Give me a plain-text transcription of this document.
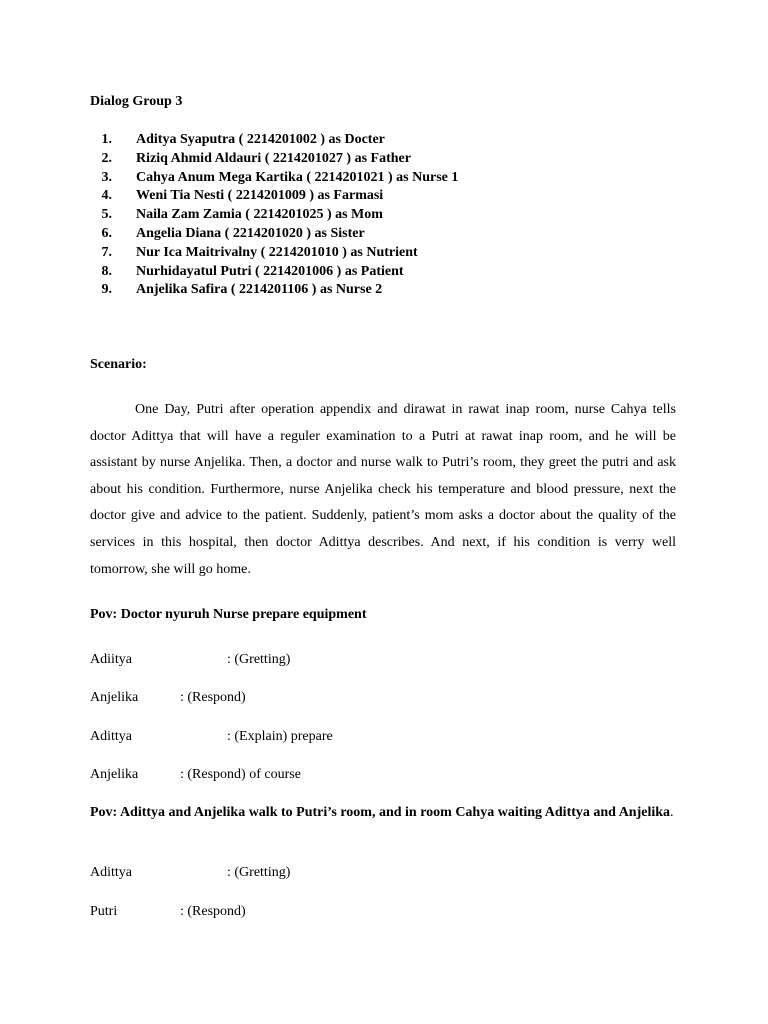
Dialog Group 3
1. Aditya Syaputra ( 2214201002 ) as Docter
2. Riziq Ahmid Aldauri ( 2214201027 ) as Father
3. Cahya Anum Mega Kartika ( 2214201021 ) as Nurse 1
4. Weni Tia Nesti ( 2214201009 ) as Farmasi
5. Naila Zam Zamia ( 2214201025 ) as Mom
6. Angelia Diana ( 2214201020 ) as Sister
7. Nur Ica Maitrivalny ( 2214201010 ) as Nutrient
8. Nurhidayatul Putri ( 2214201006 ) as Patient
9. Anjelika Safira ( 2214201106 ) as Nurse 2
Scenario:

One Day, Putri after operation appendix and dirawat in rawat inap room, nurse Cahya tells doctor Adittya that will have a reguler examination to a Putri at rawat inap room, and he will be assistant by nurse Anjelika. Then, a doctor and nurse walk to Putri’s room, they greet the putri and ask about his condition. Furthermore, nurse Anjelika check his temperature and blood pressure, next the doctor give and advice to the patient. Suddenly, patient’s mom asks a doctor about the quality of the services in this hospital, then doctor Adittya describes. And next, if his condition is verry well tomorrow, she will go home.

Pov: Doctor nyuruh Nurse prepare equipment

Adiitya	: (Gretting)
Anjelika	: (Respond)
Adittya	: (Explain) prepare
Anjelika	: (Respond) of course

Pov: Adittya and Anjelika walk to Putri’s room, and in room Cahya waiting Adittya and Anjelika.

Adittya	: (Gretting)
Putri	: (Respond)
